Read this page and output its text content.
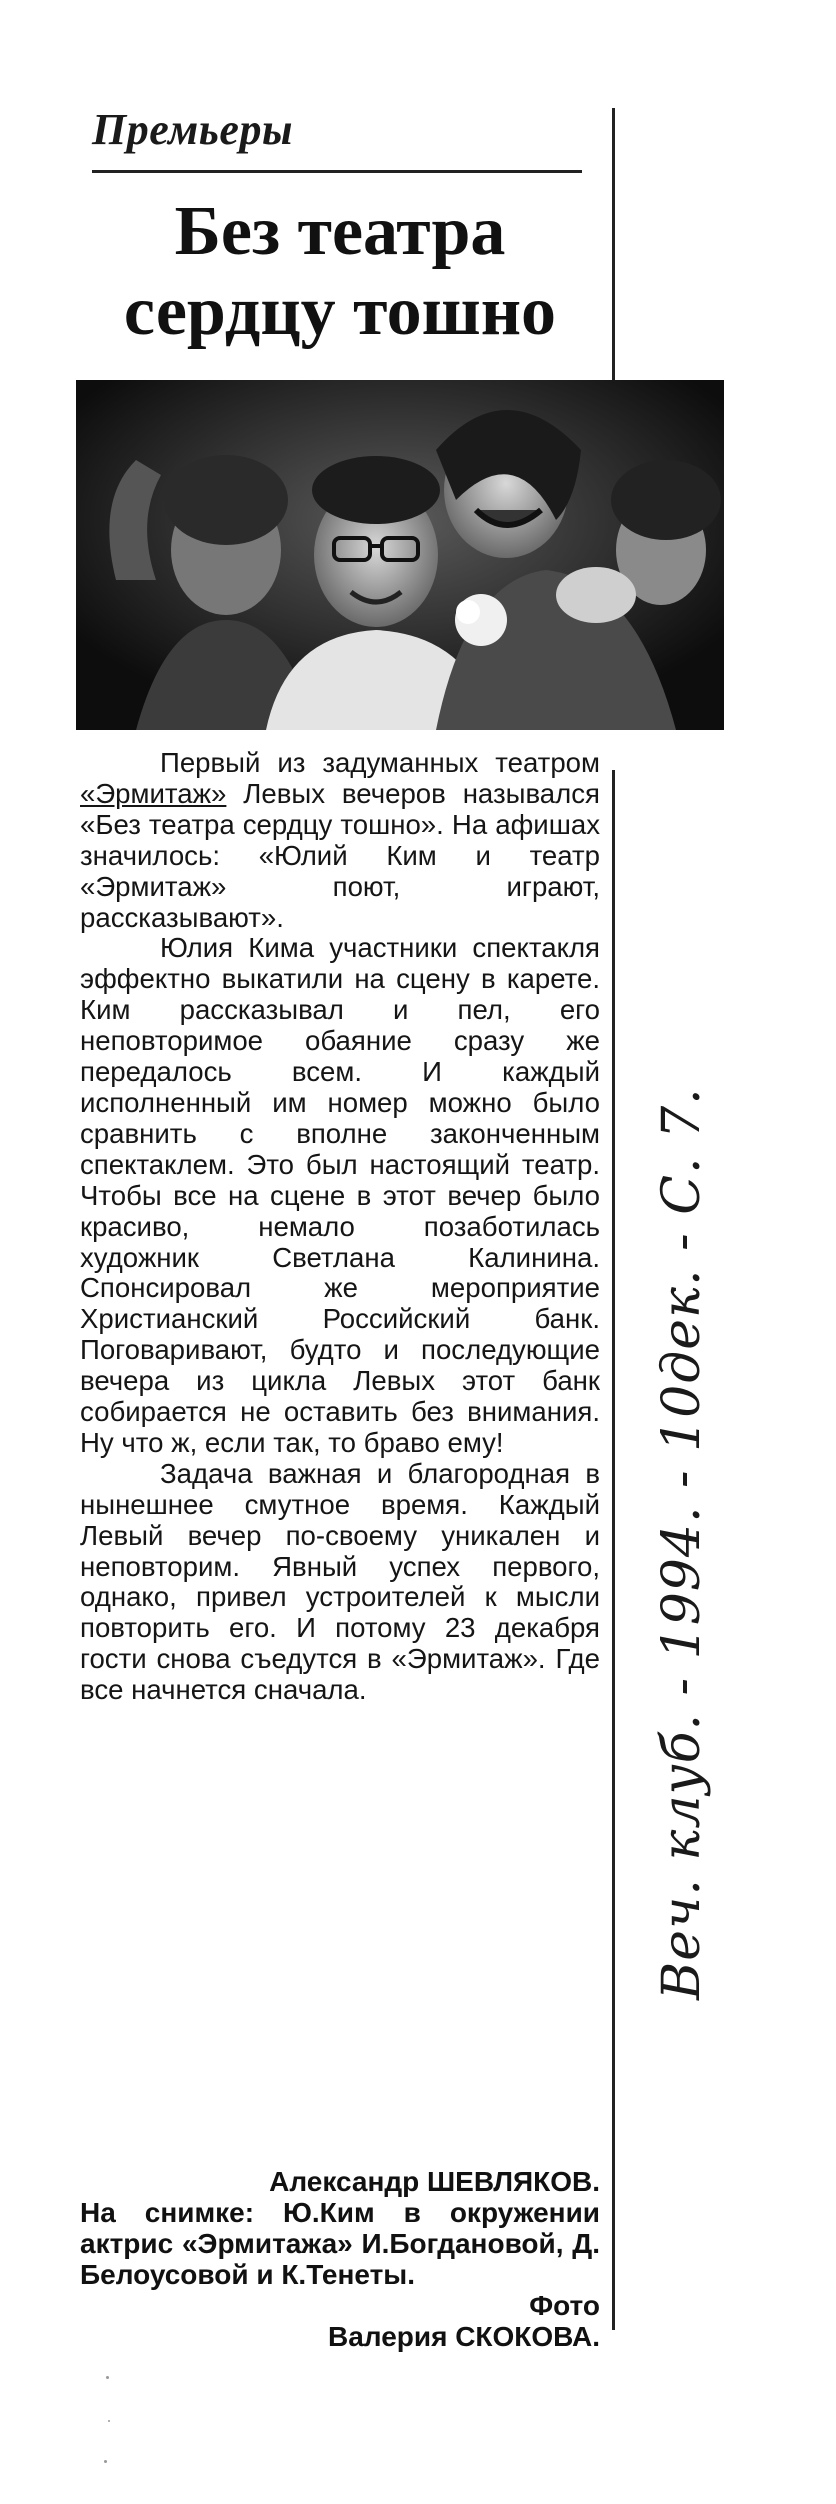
Премьеры
Без театра
сердцу тошно

Первый из задуманных театром «Эрмитаж» Левых вечеров назывался «Без театра сердцу тошно». На афишах значилось: «Юлий Ким и театр «Эрмитаж» поют, играют, рассказывают».

Юлия Кима участники спектакля эффектно выкатили на сцену в карете. Ким рассказывал и пел, его неповторимое обаяние сразу же передалось всем. И каждый исполненный им номер можно было сравнить с вполне законченным спектаклем. Это был настоящий театр. Чтобы все на сцене в этот вечер было красиво, немало позаботилась художник Светлана Калинина. Спонсировал же мероприятие Христианский Российский банк. Поговаривают, будто и последующие вечера из цикла Левых этот банк собирается не оставить без внимания. Ну что ж, если так, то браво ему!

Задача важная и благородная в нынешнее смутное время. Каждый Левый вечер по-своему уникален и неповторим. Явный успех первого, однако, привел устроителей к мысли повторить его. И потому 23 декабря гости снова съедутся в «Эрмитаж». Где все начнется сначала.

Александр ШЕВЛЯКОВ.
На снимке: Ю.Ким в окружении актрис «Эрмитажа» И.Богдановой, Д. Белоусовой и К.Тенеты.
Фото
Валерия СКОКОВА.
Веч. клуб. - 1994. - 10дек. - С. 7.
